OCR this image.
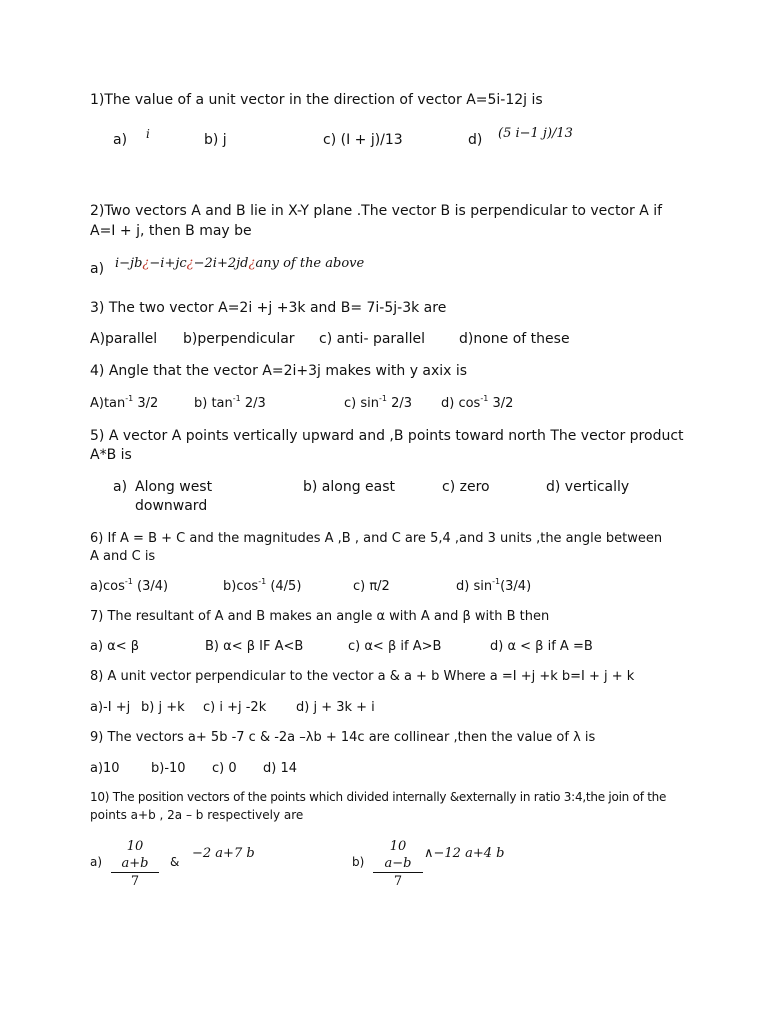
1)The value of a unit vector in the direction of vector A=5i-12j is
a) i	b) j	c) (I + j)/13	d) (5 i−1 j)/13
2)Two vectors A and B lie in X-Y plane .The vector B is perpendicular to vector A if
A=I + j, then B may be
a) i−jb¿−i+jc¿−2i+2jd¿any of the above
3) The two vector A=2i +j +3k and B= 7i-5j-3k are
A)parallel b)perpendicular c) anti- parallel d)none of these
4) Angle that the vector A=2i+3j makes with y axix is
$A)\tan^{-1}$ 3/2	b) $\tan^{-1} 2/3$	c) $\sin^{-1} 2/3$ d) $\cos^{-1} 3/2$
5) A vector A points vertically upward and ,B points toward north The vector product
A*B is
a) Along west	b) along east	c) zero	d) vertically
downward
6) If A = B + C and the magnitudes A ,B , and C are 5,4 ,and 3 units ,the angle between
A and C is
$a)\cos^{-1}$ (3/4)	$b)\cos^{-1}$ (4/5)	c) π/2	d) $\sin^{-1}(3/4)$
7) The resultant of A and B makes an angle α with A and β with B then
a) α< β	B) α< β IF A<B	c) α< β if A>B	d) α < β if A =B
8) A unit vector perpendicular to the vector a & a + b Where a =I +j +k b=I + j + k
a)-I +j b) j +k c) i +j -2k d) j + 3k + i
9) The vectors a+ 5b -7 c & -2a –λb + 14c are collinear ,then the value of λ is
a)10 b)-10 c) 0 d) 14
10) The position vectors of the points which divided internally &externally in ratio 3:4,the join of the
points a+b , 2a – b respectively are
$a) \frac{10 a+b}{7}$ &
−2 a+7 b
$b) \frac{10 a-b}{7}$ ∧−12 a+4 b
